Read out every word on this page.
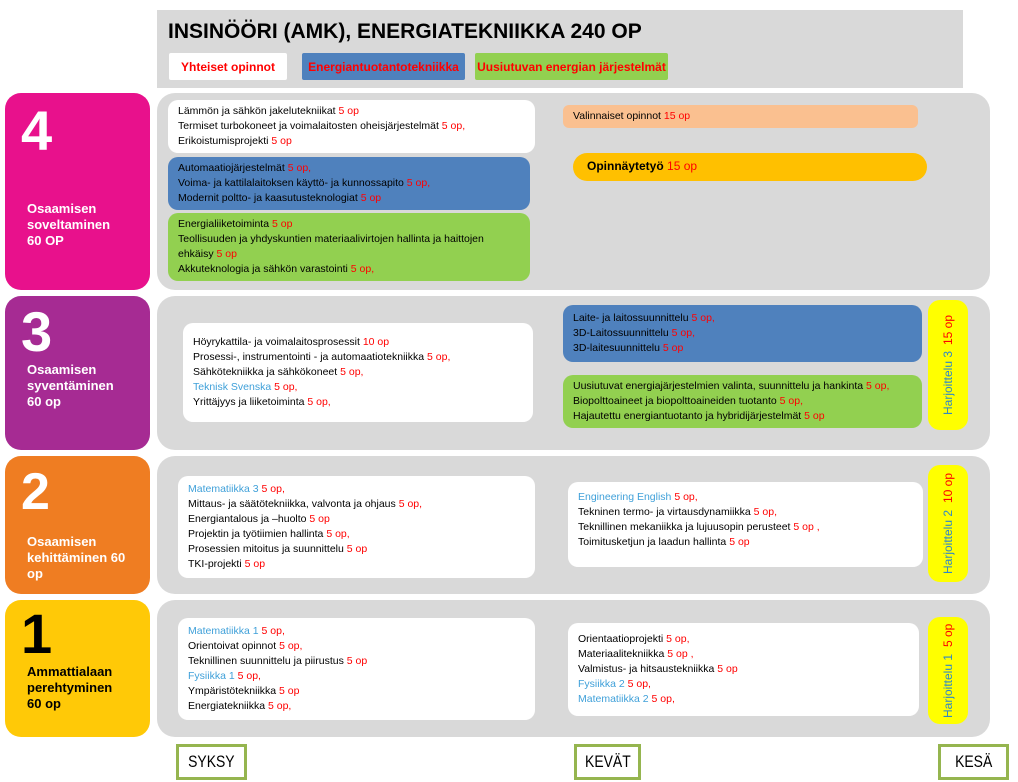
INSINÖÖRI (AMK), ENERGIATEKNIIKKA 240 OP
Yhteiset opinnot	Energiantuotantotekniikka Uusiutuvan energian järjestelmät
4
Osaamisen soveltaminen 60 OP
3
Osaamisen syventäminen 60 op
2
Osaamisen kehittäminen 60 op
1
Ammattialaan perehtyminen 60 op
Lämmön ja sähkön jakelutekniikat 5 op
Termiset turbokoneet ja voimalaitosten oheisjärjestelmät 5 op,
Erikoistumisprojekti 5 op
Automaatiojärjestelmät 5 op,
Voima- ja kattilalaitoksen käyttö- ja kunnossapito 5 op,
Modernit poltto- ja kaasutusteknologiat 5 op
Energialiiketoiminta 5 op
Teollisuuden ja yhdyskuntien materiaalivirtojen hallinta ja haittojen ehkäisy 5 op
Akkuteknologia ja sähkön varastointi 5 op,
Valinnaiset opinnot 15 op
Opinnäytetyö 15 op
Höyrykattila- ja voimalaitosprosessit 10 op
Prosessi-, instrumentointi - ja automaatiotekniikka 5 op,
Sähkötekniikka ja sähkökoneet 5 op,
Teknisk Svenska 5 op,
Yrittäjyys ja liiketoiminta 5 op,
Laite- ja laitossuunnittelu 5 op,
3D-Laitossuunnittelu 5 op,
3D-laitesuunnittelu 5 op
Uusiutuvat energiajärjestelmien valinta, suunnittelu ja hankinta 5 op,
Biopolttoaineet ja biopolttoaineiden tuotanto 5 op,
Hajautettu energiantuotanto ja hybridijärjestelmät 5 op
Harjoittelu 3
15 op
Matematiikka 3 5 op,
Mittaus- ja säätötekniikka, valvonta ja ohjaus 5 op,
Energiantalous ja –huolto 5 op
Projektin ja työtiimien hallinta 5 op,
Prosessien mitoitus ja suunnittelu 5 op
TKI-projekti 5 op
Engineering English 5 op,
Tekninen termo- ja virtausdynamiikka 5 op,
Teknillinen mekaniikka ja lujuusopin perusteet 5 op ,
Toimitusketjun ja laadun hallinta 5 op	Harjoittelu 2
10 op
Matematiikka 1 5 op,
Orientoivat opinnot 5 op,
Teknillinen suunnittelu ja piirustus 5 op
Fysiikka 1 5 op,
Ympäristötekniikka 5 op
Energiatekniikka 5 op,
Orientaatioprojekti 5 op,
Materiaalitekniikka 5 op ,
Valmistus- ja hitsaustekniikka 5 op
Fysiikka 2 5 op,
Matematiikka 2 5 op,	Harjoittelu 1
5 op
SYKSY	KEVÄT	KESÄ
